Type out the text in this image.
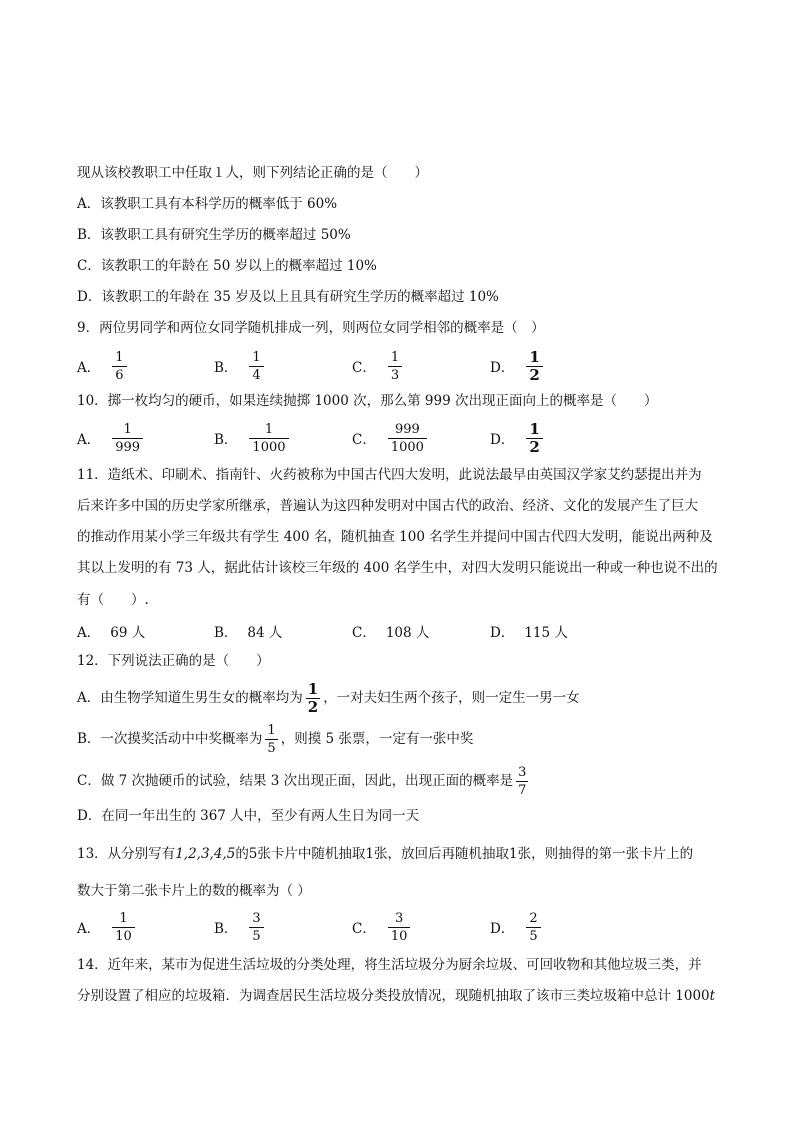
现从该校教职工中任取１人，则下列结论正确的是（　　）
A．该教职工具有本科学历的概率低于 60%
B．该教职工具有研究生学历的概率超过 50%
C．该教职工的年龄在 50 岁以上的概率超过 10%
D．该教职工的年龄在 35 岁及以上且具有研究生学历的概率超过 10%
9．两位男同学和两位女同学随机排成一列，则两位女同学相邻的概率是（　）
A． $\frac{1}{6}$	B． $\frac{1}{4}$	C． $\frac{1}{3}$	D． $\frac{1}{2}$
10．掷一枚均匀的硬币，如果连续抛掷 1000 次，那么第 999 次出现正面向上的概率是（　　）
A． $\frac{1}{999}$	B． $\frac{1}{1000}$	C． $\frac{999}{1000}$	D． $\frac{1}{2}$
11．造纸术、印刷术、指南针、火药被称为中国古代四大发明，此说法最早由英国汉学家艾约瑟提出并为
后来许多中国的历史学家所继承，普遍认为这四种发明对中国古代的政治、经济、文化的发展产生了巨大
的推动作用某小学三年级共有学生 400 名，随机抽查 100 名学生并提问中国古代四大发明，能说出两种及
其以上发明的有 73 人，据此估计该校三年级的 400 名学生中，对四大发明只能说出一种或一种也说不出的
有（　　）.
A． 69 人	B． 84 人	C． 108 人	D． 115 人
12．下列说法正确的是（　　）
A．由生物学知道生男生女的概率均为 $\frac{1}{2}$ ，一对夫妇生两个孩子，则一定生一男一女
B．一次摸奖活动中中奖概率为 $\frac{1}{5}$ ，则摸 5 张票，一定有一张中奖
C．做 7 次抛硬币的试验，结果 3 次出现正面，因此，出现正面的概率是 $\frac{3}{7}$
D．在同一年出生的 367 人中，至少有两人生日为同一天
13．从分别写有1,2,3,4,5的5张卡片中随机抽取1张，放回后再随机抽取1张，则抽得的第一张卡片上的
数大于第二张卡片上的数的概率为（ ）
A． $\frac{1}{10}$	B． $\frac{3}{5}$	C． $\frac{3}{10}$	D． $\frac{2}{5}$
14．近年来，某市为促进生活垃圾的分类处理，将生活垃圾分为厨余垃圾、可回收物和其他垃圾三类，并
分别设置了相应的垃圾箱．为调查居民生活垃圾分类投放情况，现随机抽取了该市三类垃圾箱中总计 1000t
